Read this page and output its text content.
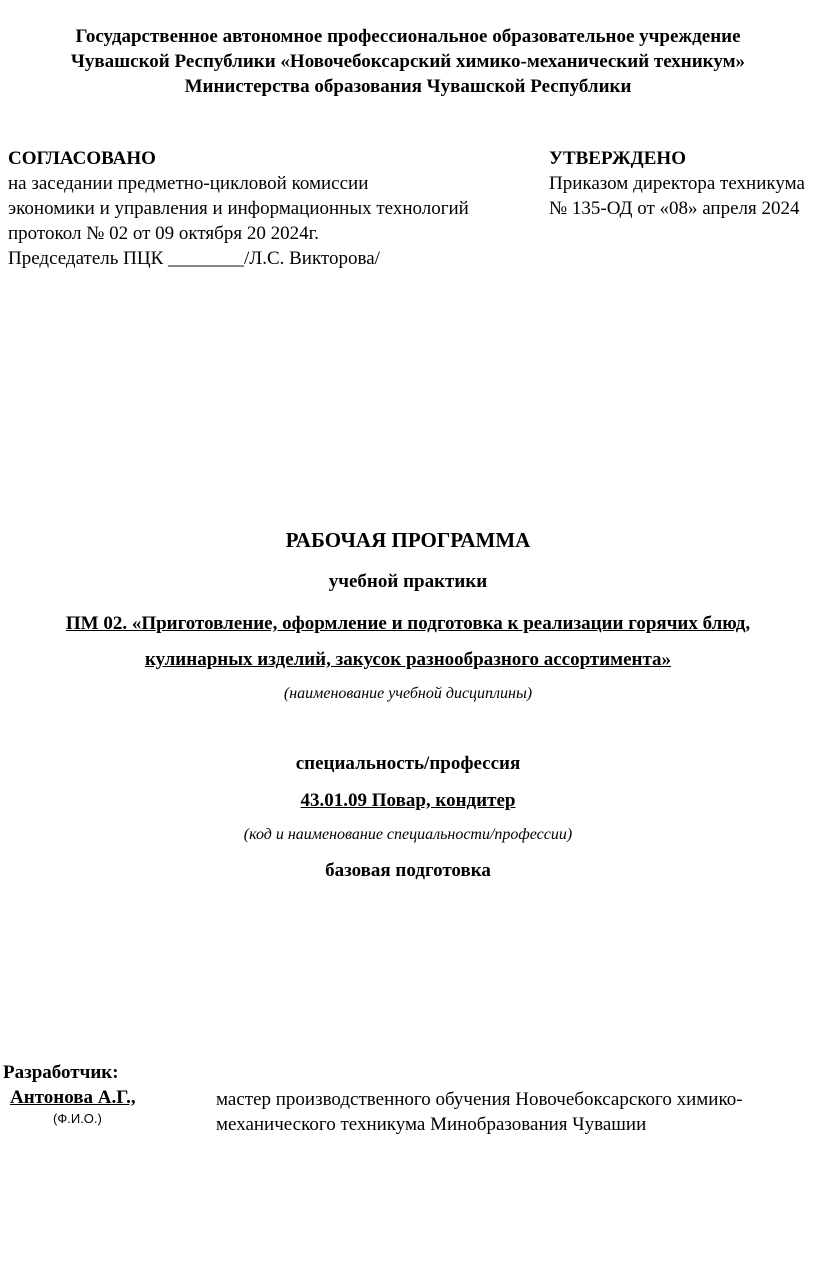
Государственное автономное профессиональное образовательное учреждение
Чувашской Республики «Новочебоксарский химико-механический техникум»
Министерства образования Чувашской Республики
СОГЛАСОВАНО
на заседании предметно-цикловой комиссии
экономики и управления и информационных технологий
протокол № 02 от 09 октября 20 2024г.
Председатель ПЦК ________/Л.С. Викторова/
УТВЕРЖДЕНО
Приказом директора техникума
№ 135-ОД от «08» апреля 2024
РАБОЧАЯ ПРОГРАММА
учебной практики
ПМ 02. «Приготовление, оформление и подготовка к реализации горячих блюд,
кулинарных изделий, закусок разнообразного ассортимента»
(наименование учебной дисциплины)
специальность/профессия
43.01.09 Повар, кондитер
(код и наименование специальности/профессии)
базовая подготовка
Разработчик:
Антонова А.Г.,
(Ф.И.О.)
мастер производственного обучения Новочебоксарского химико-
механического техникума Минобразования Чувашии
